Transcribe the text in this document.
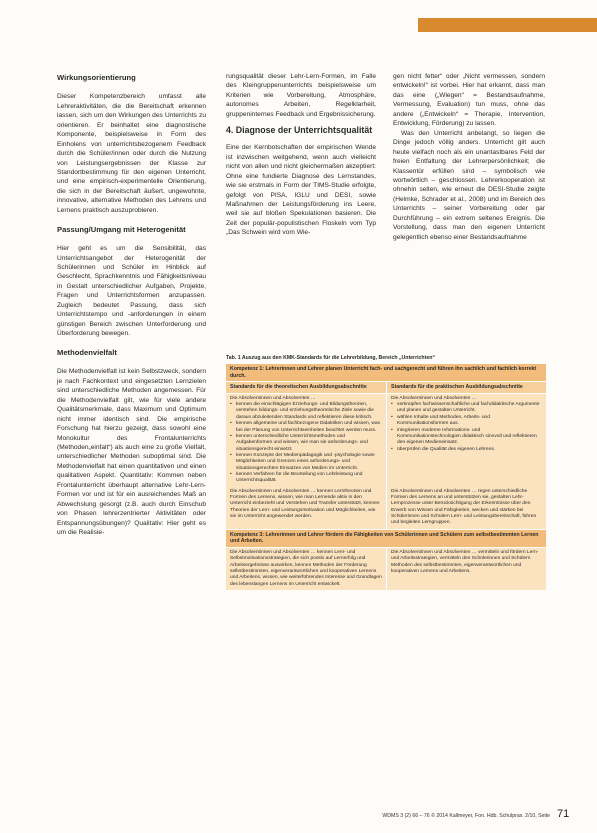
SCHWERPUNKT

Wirkungsorientierung

Dieser Kompetenzbereich umfasst alle Lehreraktivitäten, die die Bereitschaft erkennen lassen, sich um den Wirkungen des Unterrichts zu orientieren. Er beinhaltet eine diagnostische Komponente, beispielsweise in Form des Einholens von unterrichtsbezogenem Feedback durch die Schüler/innen oder durch die Nutzung von Leistungsergebnissen der Klasse zur Standortbestimmung für den eigenen Unterricht, und eine empirisch-experimentelle Orientierung, die sich in der Bereitschaft äußert, ungewohnte, innovative, alternative Methoden des Lehrens und Lernens praktisch auszuprobieren.

Passung/Umgang mit Heterogenität

Hier geht es um die Sensibilität, das Unterrichtsangebot der Heterogenität der Schülerinnen und Schüler im Hinblick auf Geschlecht, Sprachkenntnis und Fähigkeitsniveau in Gestalt unterschiedlicher Aufgaben, Projekte, Fragen und Unterrichtsformen anzupassen. Zugleich bedeutet Passung, dass sich Unterrichtstempo und -anforderungen in einem günstigen Bereich zwischen Unterforderung und Überforderung bewegen.

Methodenvielfalt

Die Methodenvielfalt ist kein Selbstzweck, sondern je nach Fachkontext und eingesetzten Lernzielen sind unterschiedliche Methoden angemessen. Für die Methodenvielfalt gilt, wie für viele andere Qualitätsmerkmale, dass Maximum und Optimum nicht immer identisch sind. Die empirische Forschung hat hierzu gezeigt, dass sowohl eine Monokultur des Frontalunterrichts (Methoden„einfalt“) als auch eine zu große Vielfalt, unterschiedlicher Methoden suboptimal sind. Die Methodenvielfalt hat einen quantitativen und einen qualitativen Aspekt. Quantitativ: Kommen neben Frontalunterricht überhaupt alternative Lehr-Lern-Formen vor und ist für ein ausreichendes Maß an Abwechslung gesorgt (z.B. auch durch Einschub von Phasen lehrerzentrierter Aktivitäten oder Entspannungsübungen)? Qualitativ: Hier geht es um die Realisie-

rungsqualität dieser Lehr-Lern-Formen, im Falle des Kleingruppenunterrichts beispielsweise um Kriterien wie Vorbereitung, Atmosphäre, autonomes Arbeiten, Regelklarheit, gruppeninternes Feedback und Ergebnissicherung.

4. Diagnose der Unterrichtsqualität

Eine der Kernbotschaften der empirischen Wende ist inzwischen weitgehend, wenn auch vielleicht nicht von allen und nicht gleichermaßen akzeptiert: Ohne eine fundierte Diagnose des Lernstandes, wie sie erstmals in Form der TIMS-Studie erfolgte, gefolgt von PISA, IGLU und DESI, sowie Maßnahmen der Leistungsförderung ins Leere, weil sie auf bloßen Spekulationen basieren. Die Zeit der populär-populistischen Floskeln vom Typ „Das Schwein wird vom Wie-

gen nicht fetter“ oder „Nicht vermessen, sondern entwickeln!“ ist vorbei. Hier hat erkannt, dass man das eine („Wiegen“ = Bestandsaufnahme, Vermessung, Evaluation) tun muss, ohne das andere („Entwickeln“ = Therapie, Intervention, Entwicklung, Förderung) zu lassen.

Was den Unterricht anbelangt, so liegen die Dinge jedoch völlig anders. Unterricht gilt auch heute vielfach noch als ein unantastbares Feld der freien Entfaltung der Lehrerpersönlichkeit; die Klassentür erfüllen sind – symbolisch wie wortwörtlich – geschlossen. Lehrerkooperation ist ohnehin selten, wie erneut die DESI-Studie zeigte (Helmke, Schrader et al., 2008) und im Bereich des Unterrichts – seiner Vorbereitung oder gar Durchführung – ein extrem seltenes Ereignis. Die Vorstellung, dass man den eigenen Unterricht gelegentlich ebenso einer Bestandsaufnahme

Tab. 1 Auszug aus den KMK-Standards für die Lehrerbildung, Bereich „Unterrichten“
Kompetenz 1: Lehrerinnen und Lehrer planen Unterricht fach- und sachgerecht und führen ihn sachlich und fachlich korrekt durch.
Standards für die theoretischen Ausbildungsabschnitte	Standards für die praktischen Ausbildungsabschnitte
Die Absolventinnen und Absolventen …
• kennen die einschlägigen Erziehungs- und Bildungstheorien, verstehen bildungs- und erziehungstheoretische Ziele sowie die daraus abzuleitenden Standards und reflektieren diese kritisch.
• kennen allgemeine und fachbezogene Didaktiken und wissen, was bei der Planung von Unterrichtseinheiten beachtet werden muss.
• kennen unterschiedliche Unterrichtsmethoden und Aufgabenformen und wissen, wie man sie anforderungs- und situationsgerecht einsetzt.
• kennen Konzepte der Medienpädagogik und -psychologie sowie Möglichkeiten und Grenzen eines anforderungs- und situationsgerechten Einsatzes von Medien im Unterricht.
• kennen Verfahren für die Beurteilung von Lehrleistung und Unterrichtsqualität.
Die Absolventinnen und Absolventen …
• verknüpfen fachwissenschaftliche und fachdidaktische Argumente und planen und gestalten Unterricht.
• wählen Inhalte und Methoden, Arbeits- und Kommunikationsformen aus.
• integrieren moderne Informations- und Kommunikationstechnologien didaktisch sinnvoll und reflektieren den eigenen Medieneinsatz.
• überprüfen die Qualität des eigenen Lehrens.
Die Absolventinnen und Absolventen … kennen Lerntheorien und Formen des Lernens, wissen, wie man Lernende aktiv in den Unterricht einbezieht und Verstehen und Transfer unterstützt, kennen Theorien der Lern- und Leistungsmotivation und Möglichkeiten, wie sie im Unterricht angewendet werden.
Die Absolventinnen und Absolventen … regen unterschiedliche Formen des Lernens an und unterstützen sie, gestalten Lehr-Lernprozesse unter Berücksichtigung der Erkenntnisse über den Erwerb von Wissen und Fähigkeiten, wecken und stärken bei Schülerinnen und Schülern Lern- und Leistungsbereitschaft, führen und begleiten Lerngruppen.
Kompetenz 3: Lehrerinnen und Lehrer fördern die Fähigkeiten von Schülerinnen und Schülern zum selbstbestimmten Lernen und Arbeiten.
Die Absolventinnen und Absolventen … kennen Lern- und Selbstmotivationsstrategien, die sich positiv auf Lernerfolg und Arbeitsergebnisse auswirken, kennen Methoden der Förderung selbstbestimmten, eigenverantwortlichen und kooperativen Lernens und Arbeitens, wissen, wie weiterführendes Interesse und Grundlagen des lebenslangen Lernens im Unterricht entwickelt.
Die Absolventinnen und Absolventen … vermitteln und fördern Lern- und Arbeitsstrategien, vermitteln den Schülerinnen und Schülern Methoden des selbstbestimmten, eigenverantwortlichen und kooperativen Lernens und Arbeitens.
WDMS 3 (2) 66 – 76 © 2014 Kallmeyer, Fon. Hdb. Schulprax. 2/10, Seite 71
